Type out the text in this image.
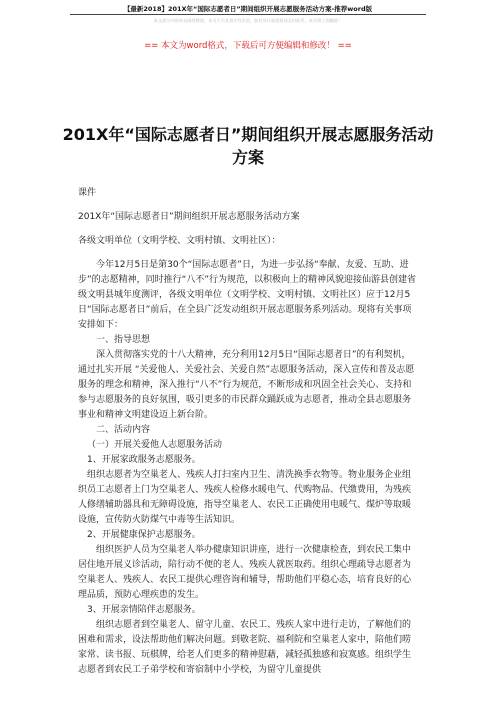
【最新2018】201X年“国际志愿者日”期间组织开展志愿服务活动方案-推荐word版
本文部分内容来自网络整理，本司不为其真实性负责，如有异议或侵权请及时联系，本司将立即删除！
== 本文为word格式，下载后可方便编辑和修改！ ==
201X年“国际志愿者日”期间组织开展志愿服务活动方案

课件

201X年“国际志愿者日”期间组织开展志愿服务活动方案

各级文明单位（文明学校、文明村镇、文明社区）：

今年12月5日是第30个“国际志愿者”日，为进一步弘扬“奉献、友爱、互助、进步”的志愿精神，同时推行“八不”行为规范，以积极向上的精神风貌迎接仙游县创建省级文明县城年度测评，各级文明单位（文明学校、文明村镇、文明社区）应于12月5日“国际志愿者日”前后，在全县广泛发动组织开展志愿服务系列活动。现将有关事项安排如下：

一、指导思想

深入贯彻落实党的十八大精神，充分利用12月5日“国际志愿者日”的有利契机，通过扎实开展 “关爱他人、关爱社会、关爱自然”志愿服务活动，深入宣传和普及志愿服务的理念和精神，深入推行“八不”行为规范，不断形成和巩固全社会关心、支持和参与志愿服务的良好氛围，吸引更多的市民群众踊跃成为志愿者，推动全县志愿服务事业和精神文明建设迈上新台阶。

二、活动内容

（一）开展关爱他人志愿服务活动

1、开展家政服务志愿服务。

组织志愿者为空巢老人、残疾人打扫室内卫生、清洗换季衣物等。物业服务企业组织员工志愿者上门为空巢老人、残疾人检修水暖电气、代购物品、代缴费用，为残疾人修缮辅助器具和无障碍设施，指导空巢老人、农民工正确使用电暖气、煤炉等取暖设施，宣传防火防煤气中毒等生活知识。

2、开展健康保护志愿服务。

组织医护人员为空巢老人举办健康知识讲座，进行一次健康检查，到农民工集中居住地开展义诊活动，陪行动不便的老人、残疾人就医取药。组织心理疏导志愿者为空巢老人、残疾人、农民工提供心理咨询和辅导，帮助他们平稳心态，培育良好的心理品质，预防心理疾患的发生。

3、开展亲情陪伴志愿服务。

组织志愿者到空巢老人、留守儿童、农民工、残疾人家中进行走访，了解他们的困难和需求，设法帮助他们解决问题。到敬老院、福利院和空巢老人家中，陪他们唠家常、读书报、玩棋牌，给老人们更多的精神慰藉，减轻孤独感和寂寞感。组织学生志愿者到农民工子弟学校和寄宿制中小学校，为留守儿童提供
